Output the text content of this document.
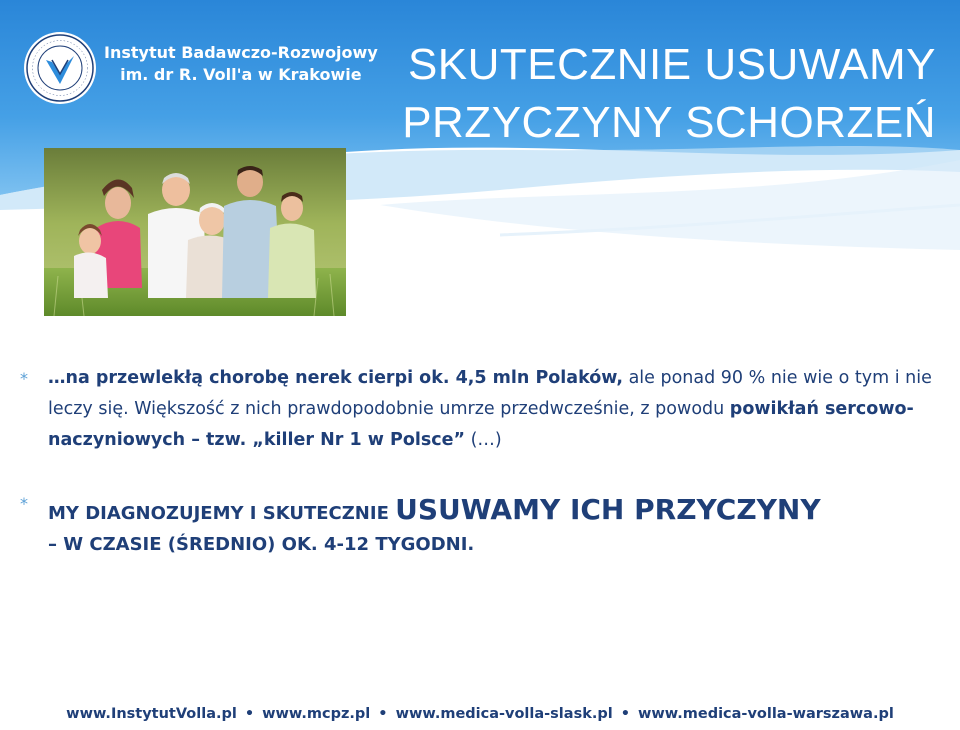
Instytut Badawczo-Rozwojowy
im. dr R. Voll'a w Krakowie	SKUTECZNIE USUWAMY
PRZYCZYNY SCHORZEŃ
* …na przewlekłą chorobę nerek cierpi ok. 4,5 mln Polaków, ale ponad 90 % nie wie o tym i nie leczy się. Większość z nich prawdopodobnie umrze przedwcześnie, z powodu powikłań sercowo-naczyniowych – tzw. „killer Nr 1 w Polsce” (…)
* MY DIAGNOZUJEMY I SKUTECZNIE USUWAMY ICH PRZYCZYNY
– W CZASIE (ŚREDNIO) OK. 4-12 TYGODNI.
www.InstytutVolla.pl • www.mcpz.pl • www.medica-volla-slask.pl • www.medica-volla-warszawa.pl
